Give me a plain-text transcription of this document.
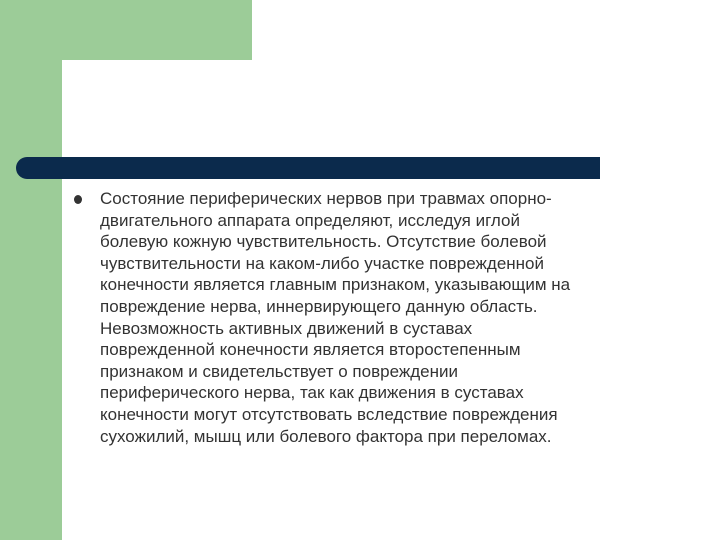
Состояние периферических нервов при травмах опорно-
двигательного аппарата определяют, исследуя иглой
болевую кожную чувствительность. Отсутствие болевой
чувствительности на каком-либо участке поврежденной
конечности является главным признаком, указывающим на
повреждение нерва, иннервирующего данную область.
Невозможность активных движений в суставах
поврежденной конечности является второстепенным
признаком и свидетельствует о повреждении
периферического нерва, так как движения в суставах
конечности могут отсутствовать вследствие повреждения
сухожилий, мышц или болевого фактора при переломах.
